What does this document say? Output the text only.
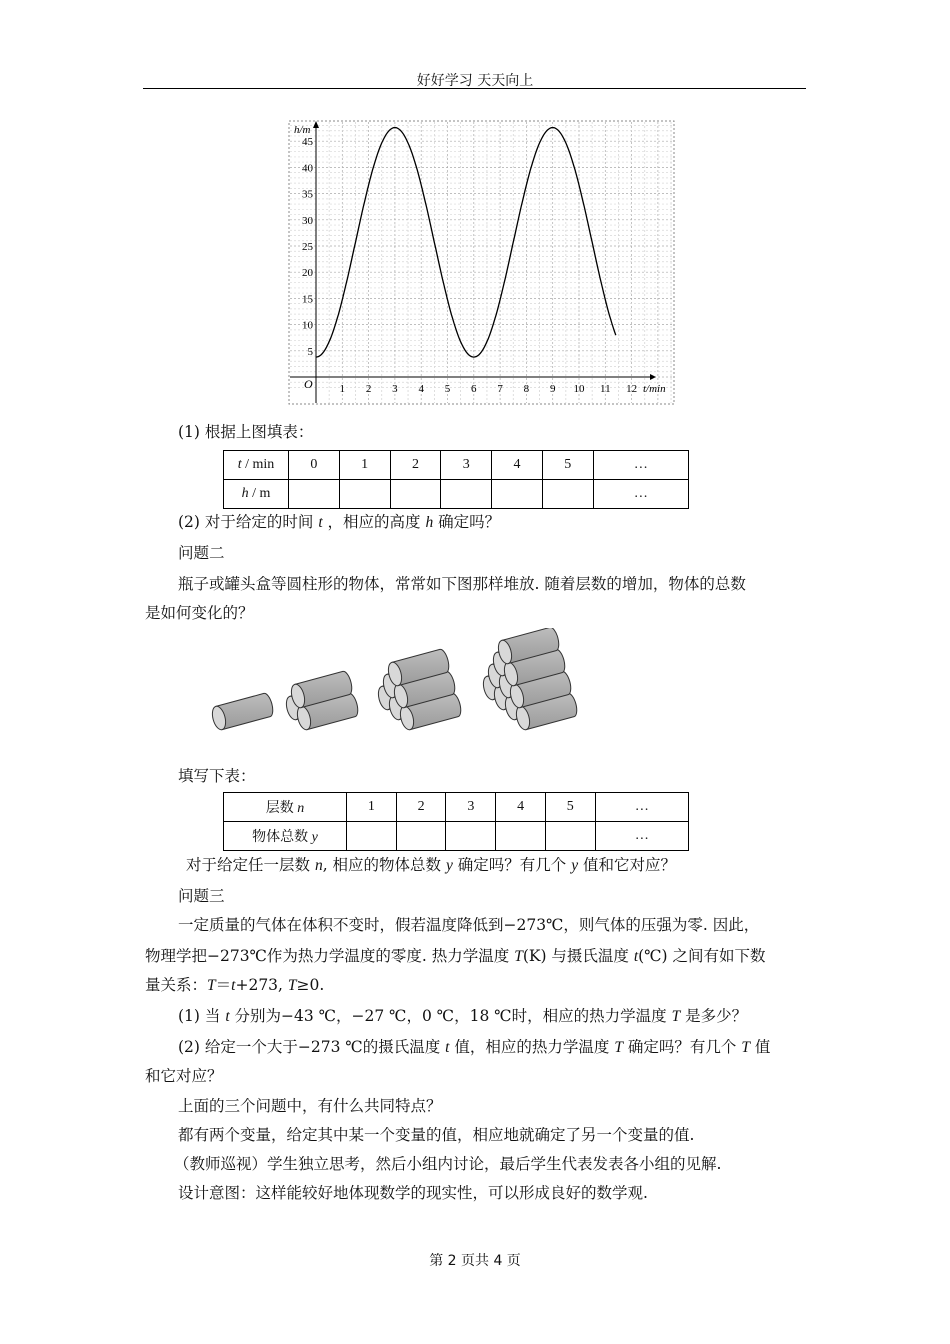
好好学习 天天向上
1 2 3 4 5 6 7 8 9 10 11 12
5
10
15
20
25
30
35
40
45
O
h/m
t/min
(1) 根据上图填表：
t / min	0	1	2	3	4	5	…
h / m							…
(2) 对于给定的时间 t ，相应的高度 h 确定吗？
问题二
瓶子或罐头盒等圆柱形的物体，常常如下图那样堆放. 随着层数的增加，物体的总数
是如何变化的？
填写下表：
层数 n	1	2	3	4	5	…
物体总数 y						…
对于给定任一层数 n, 相应的物体总数 y 确定吗？有几个 y 值和它对应？
问题三
一定质量的气体在体积不变时，假若温度降低到−273℃，则气体的压强为零. 因此，
物理学把−273℃作为热力学温度的零度. 热力学温度 T(K) 与摄氏温度 t(℃) 之间有如下数
量关系：T＝t+273, T≥0.
(1) 当 t 分别为−43 ℃，−27 ℃，0 ℃，18 ℃时，相应的热力学温度 T 是多少？
(2) 给定一个大于−273 ℃的摄氏温度 t 值，相应的热力学温度 T 确定吗？有几个 T 值
和它对应？
上面的三个问题中，有什么共同特点？
都有两个变量，给定其中某一个变量的值，相应地就确定了另一个变量的值.
（教师巡视）学生独立思考，然后小组内讨论，最后学生代表发表各小组的见解.
设计意图：这样能较好地体现数学的现实性，可以形成良好的数学观.
第 2 页共 4 页
